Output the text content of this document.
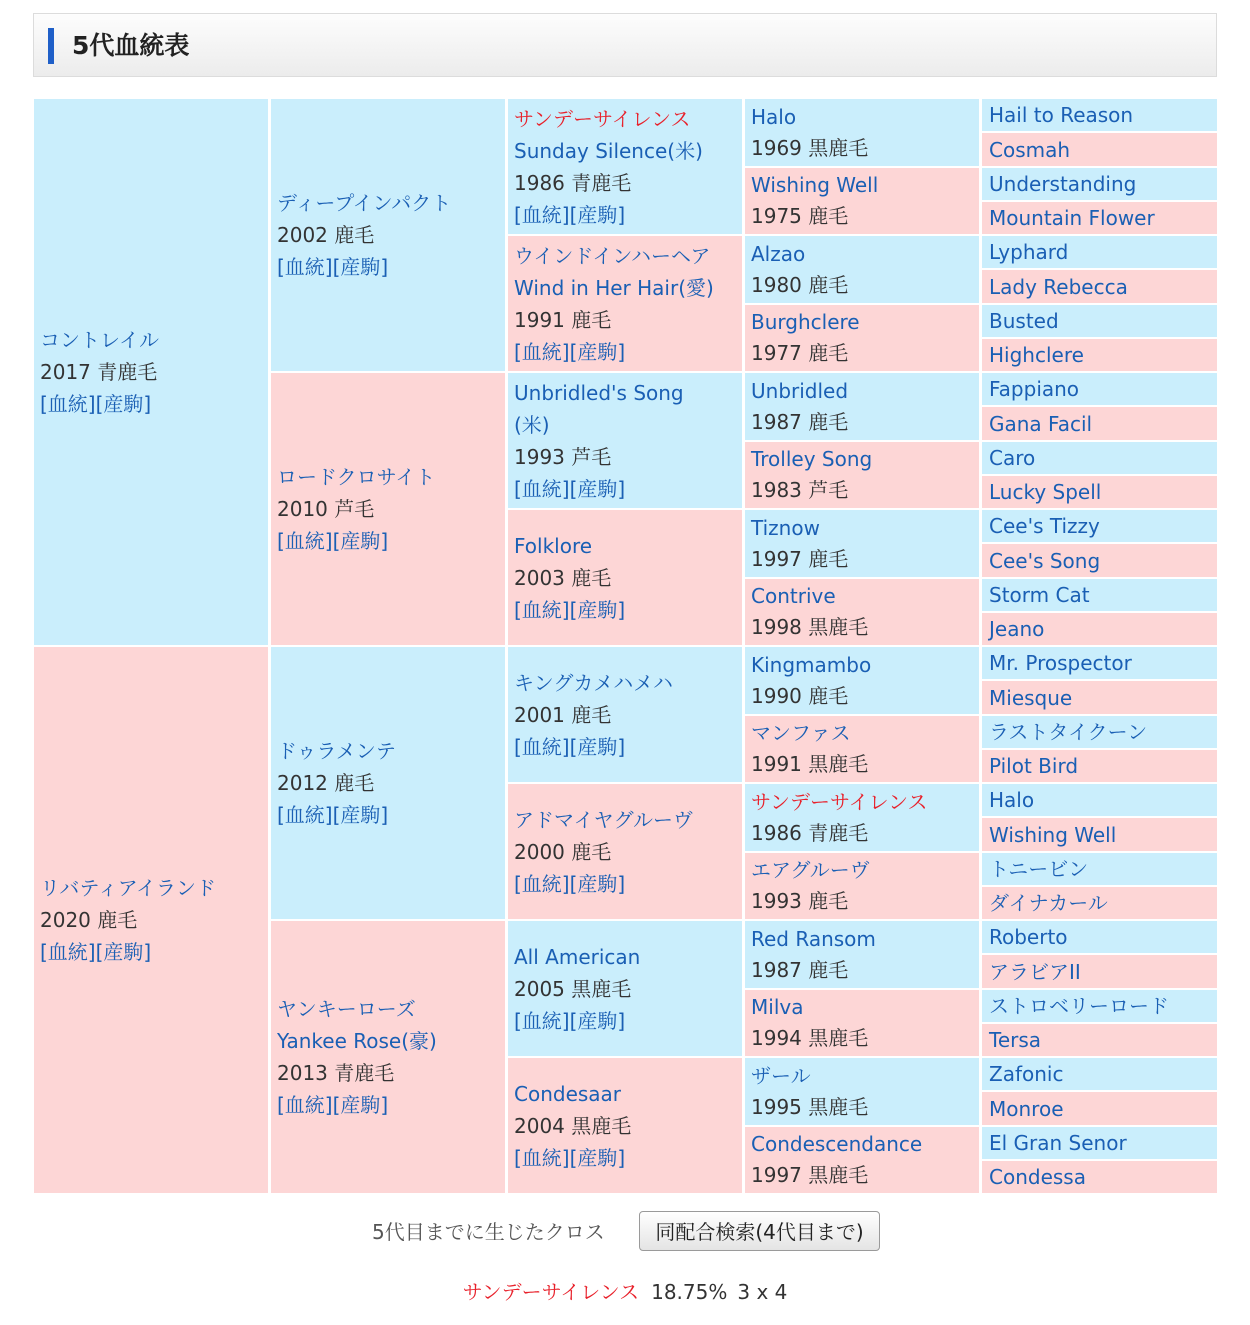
5代血統表
コントレイル
2017 青鹿毛
[血統][産駒]
リバティアイランド
2020 鹿毛
[血統][産駒]
ディープインパクト
2002 鹿毛
[血統][産駒]
ロードクロサイト
2010 芦毛
[血統][産駒]
ドゥラメンテ
2012 鹿毛
[血統][産駒]
ヤンキーローズ
Yankee Rose(豪)
2013 青鹿毛
[血統][産駒]
サンデーサイレンス
Sunday Silence(米)
1986 青鹿毛
[血統][産駒]
ウインドインハーヘア
Wind in Her Hair(愛)
1991 鹿毛
[血統][産駒]
Unbridled's Song
(米)
1993 芦毛
[血統][産駒]
Folklore
2003 鹿毛
[血統][産駒]
キングカメハメハ
2001 鹿毛
[血統][産駒]
アドマイヤグルーヴ
2000 鹿毛
[血統][産駒]
All American
2005 黒鹿毛
[血統][産駒]
Condesaar
2004 黒鹿毛
[血統][産駒]
Halo
1969 黒鹿毛
Wishing Well
1975 鹿毛
Alzao
1980 鹿毛
Burghclere
1977 鹿毛
Unbridled
1987 鹿毛
Trolley Song
1983 芦毛
Tiznow
1997 鹿毛
Contrive
1998 黒鹿毛
Kingmambo
1990 鹿毛
マンファス
1991 黒鹿毛
サンデーサイレンス
1986 青鹿毛
エアグルーヴ
1993 鹿毛
Red Ransom
1987 鹿毛
Milva
1994 黒鹿毛
ザール
1995 黒鹿毛
Condescendance
1997 黒鹿毛
Hail to Reason
Cosmah
Understanding
Mountain Flower
Lyphard
Lady Rebecca
Busted
Highclere
Fappiano
Gana Facil
Caro
Lucky Spell
Cee's Tizzy
Cee's Song
Storm Cat
Jeano
Mr. Prospector
Miesque
ラストタイクーン
Pilot Bird
Halo
Wishing Well
トニービン
ダイナカール
Roberto
アラビアII
ストロベリーロード
Tersa
Zafonic
Monroe
El Gran Senor
Condessa
5代目までに生じたクロス	同配合検索(4代目まで)
サンデーサイレンス 18.75% 3 x 4
